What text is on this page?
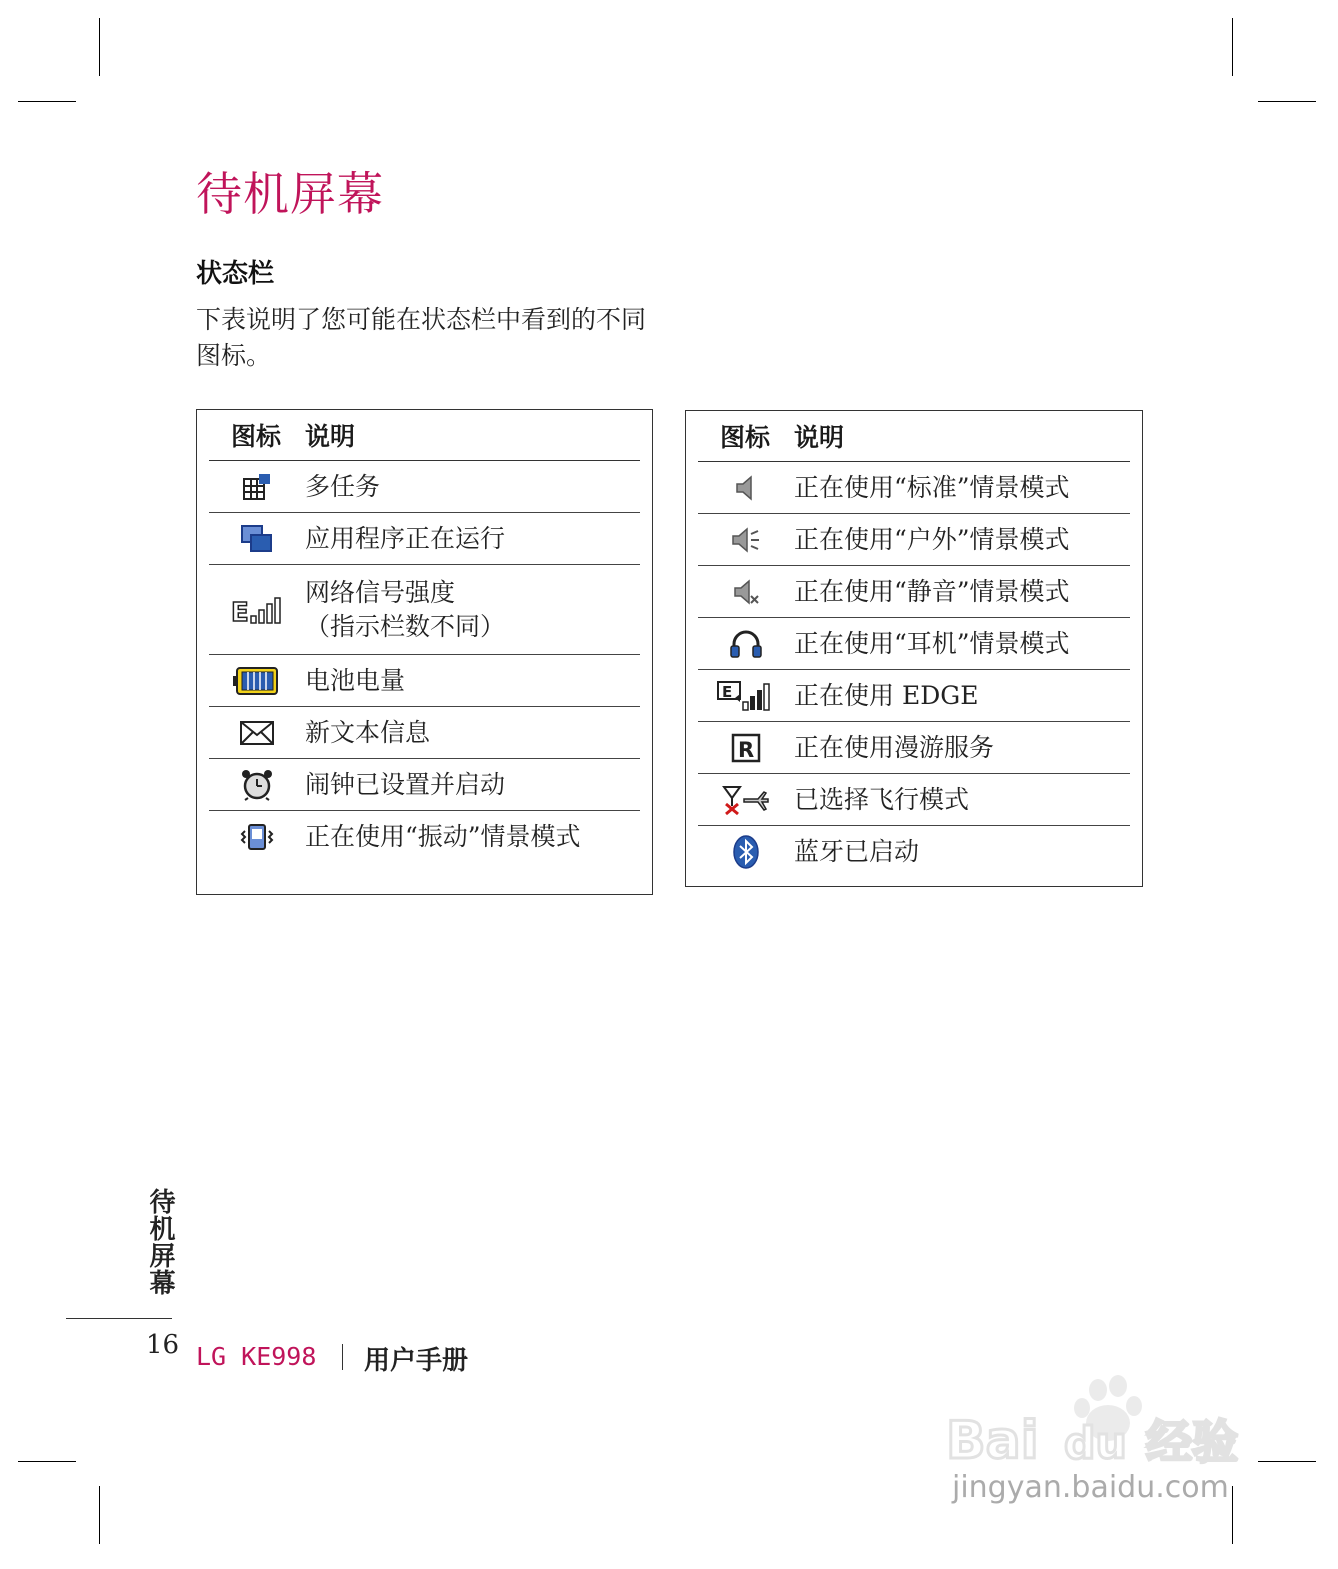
待机屏幕
状态栏
下表说明了您可能在状态栏中看到的不同图标。
图标 说明
多任务
应用程序正在运行
E
网络信号强度
（指示栏数不同）
电池电量
新文本信息
闹钟已设置并启动
正在使用“振动”情景模式
图标 说明
正在使用“标准”情景模式
正在使用“户外”情景模式
正在使用“静音”情景模式
正在使用“耳机”情景模式
E 正在使用 EDGE
R 正在使用漫游服务
已选择飞行模式
蓝牙已启动
待机屏幕
16 LG KE998 用户手册
Bai du 经验
jingyan.baidu.com
